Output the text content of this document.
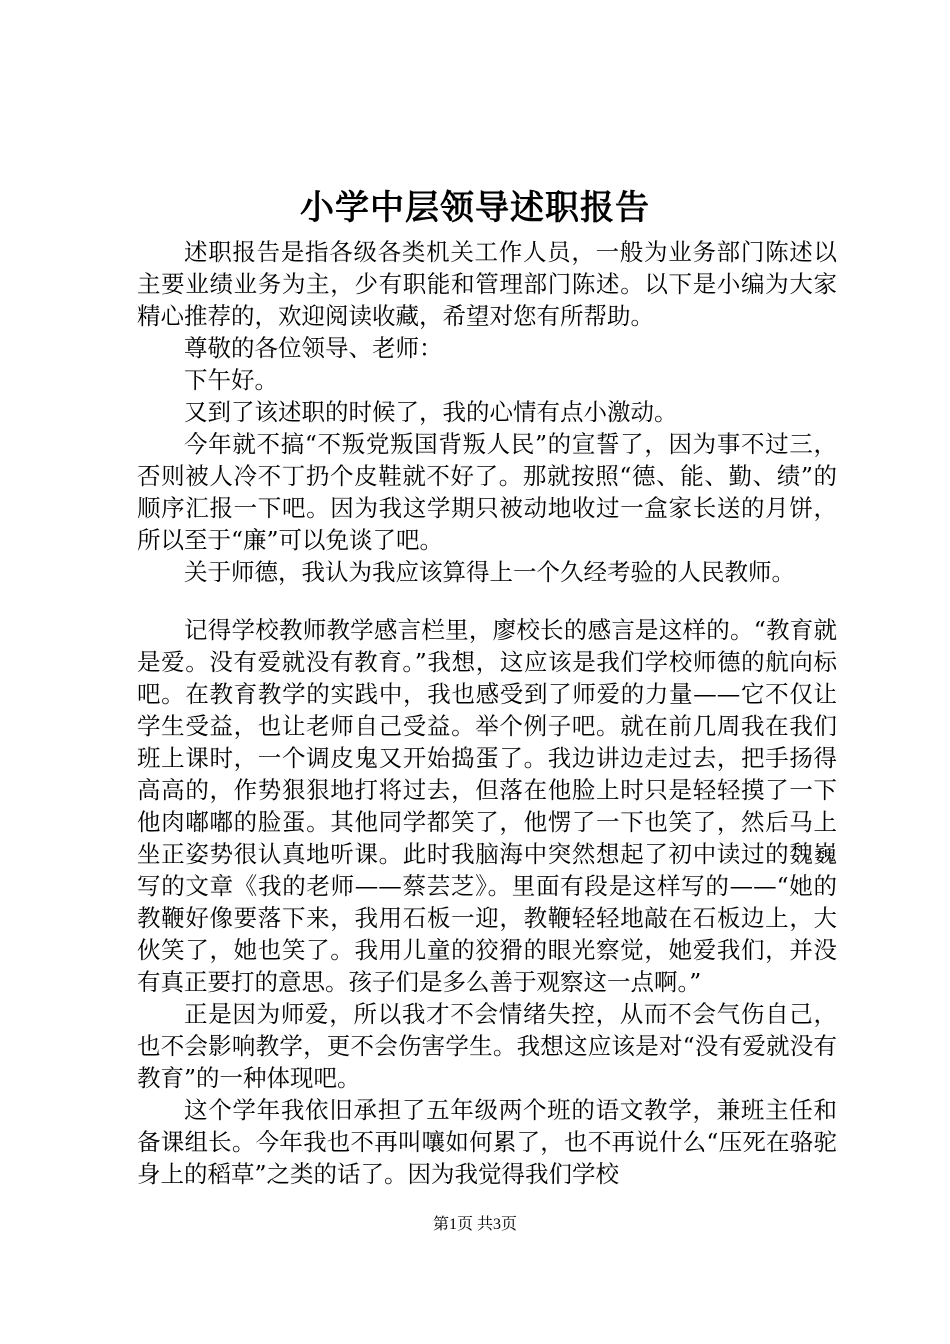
小学中层领导述职报告

述职报告是指各级各类机关工作人员，一般为业务部门陈述以主要业绩业务为主，少有职能和管理部门陈述。以下是小编为大家精心推荐的，欢迎阅读收藏，希望对您有所帮助。

尊敬的各位领导、老师：

下午好。

又到了该述职的时候了，我的心情有点小激动。

今年就不搞“不叛党叛国背叛人民”的宣誓了，因为事不过三，否则被人冷不丁扔个皮鞋就不好了。那就按照“德、能、勤、绩”的顺序汇报一下吧。因为我这学期只被动地收过一盒家长送的月饼，所以至于“廉”可以免谈了吧。

关于师德，我认为我应该算得上一个久经考验的人民教师。

记得学校教师教学感言栏里，廖校长的感言是这样的。“教育就是爱。没有爱就没有教育。”我想，这应该是我们学校师德的航向标吧。在教育教学的实践中，我也感受到了师爱的力量——它不仅让学生受益，也让老师自己受益。举个例子吧。就在前几周我在我们班上课时，一个调皮鬼又开始捣蛋了。我边讲边走过去，把手扬得高高的，作势狠狠地打将过去，但落在他脸上时只是轻轻摸了一下他肉嘟嘟的脸蛋。其他同学都笑了，他愣了一下也笑了，然后马上坐正姿势很认真地听课。此时我脑海中突然想起了初中读过的魏巍写的文章《我的老师——蔡芸芝》。里面有段是这样写的——“她的教鞭好像要落下来，我用石板一迎，教鞭轻轻地敲在石板边上，大伙笑了，她也笑了。我用儿童的狡猾的眼光察觉，她爱我们，并没有真正要打的意思。孩子们是多么善于观察这一点啊。”

正是因为师爱，所以我才不会情绪失控，从而不会气伤自己，也不会影响教学，更不会伤害学生。我想这应该是对“没有爱就没有教育”的一种体现吧。

这个学年我依旧承担了五年级两个班的语文教学，兼班主任和备课组长。今年我也不再叫嚷如何累了，也不再说什么“压死在骆驼身上的稻草”之类的话了。因为我觉得我们学校

第1页 共3页
